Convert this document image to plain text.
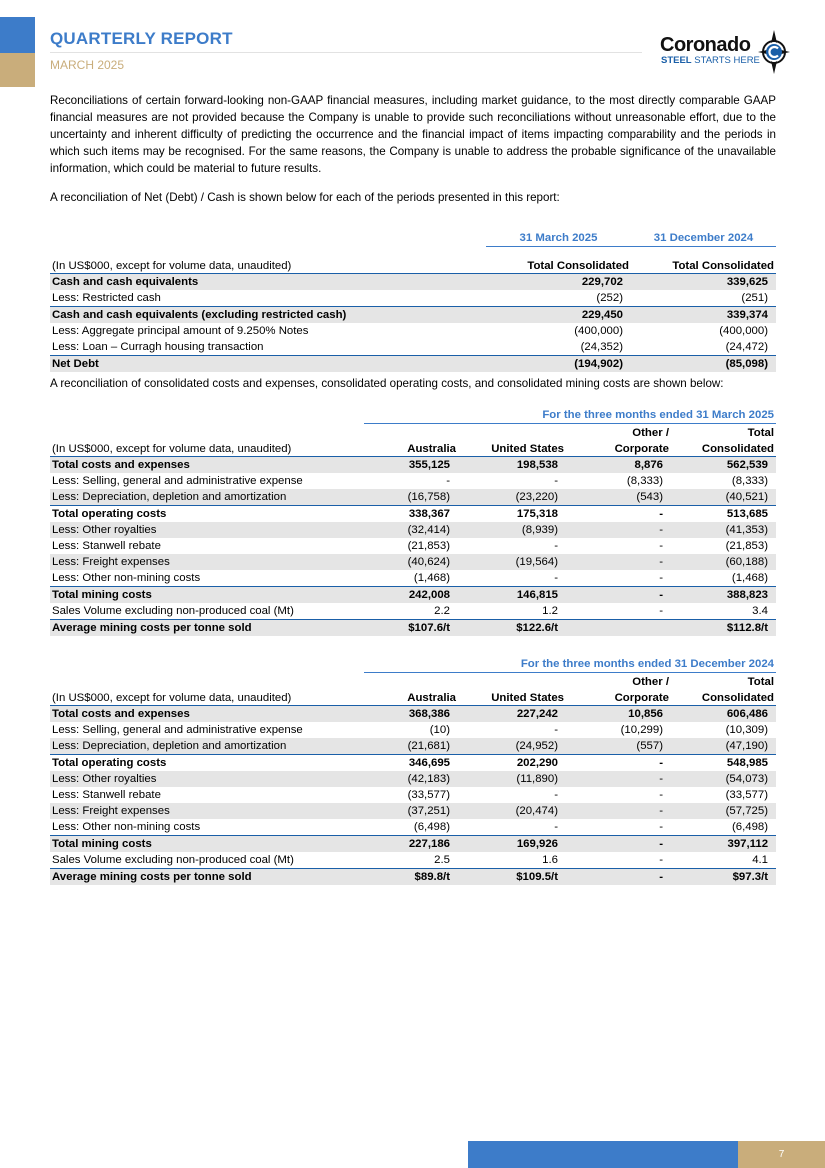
QUARTERLY REPORT
MARCH 2025
Coronado
STEEL STARTS HERE
Reconciliations of certain forward-looking non-GAAP financial measures, including market guidance, to the most directly comparable GAAP financial measures are not provided because the Company is unable to provide such reconciliations without unreasonable effort, due to the uncertainty and inherent difficulty of predicting the occurrence and the financial impact of items impacting comparability and the periods in which such items may be recognised. For the same reasons, the Company is unable to address the probable significance of the unavailable information, which could be material to future results.
A reconciliation of Net (Debt) / Cash is shown below for each of the periods presented in this report:
	31 March 2025	31 December 2024

(In US$000, except for volume data, unaudited)	Total Consolidated	Total Consolidated
Cash and cash equivalents	229,702	339,625
Less: Restricted cash	(252)	(251)
Cash and cash equivalents (excluding restricted cash)	229,450	339,374
Less: Aggregate principal amount of 9.250% Notes	(400,000)	(400,000)
Less: Loan – Curragh housing transaction	(24,352)	(24,472)
Net Debt	(194,902)	(85,098)
A reconciliation of consolidated costs and expenses, consolidated operating costs, and consolidated mining costs are shown below:
	For the three months ended 31 March 2025			
			Other /	Total
(In US$000, except for volume data, unaudited)	Australia	United States	Corporate	Consolidated
Total costs and expenses	355,125	198,538	8,876	562,539
Less: Selling, general and administrative expense	-	-	(8,333)	(8,333)
Less: Depreciation, depletion and amortization	(16,758)	(23,220)	(543)	(40,521)
Total operating costs	338,367	175,318	-	513,685
Less: Other royalties	(32,414)	(8,939)	-	(41,353)
Less: Stanwell rebate	(21,853)	-	-	(21,853)
Less: Freight expenses	(40,624)	(19,564)	-	(60,188)
Less: Other non-mining costs	(1,468)	-	-	(1,468)
Total mining costs	242,008	146,815	-	388,823
Sales Volume excluding non-produced coal (Mt)	2.2	1.2	-	3.4
Average mining costs per tonne sold	$107.6/t	$122.6/t		$112.8/t
	For the three months ended 31 December 2024			
			Other /	Total
(In US$000, except for volume data, unaudited)	Australia	United States	Corporate	Consolidated
Total costs and expenses	368,386	227,242	10,856	606,486
Less: Selling, general and administrative expense	(10)	-	(10,299)	(10,309)
Less: Depreciation, depletion and amortization	(21,681)	(24,952)	(557)	(47,190)
Total operating costs	346,695	202,290	-	548,985
Less: Other royalties	(42,183)	(11,890)	-	(54,073)
Less: Stanwell rebate	(33,577)	-	-	(33,577)
Less: Freight expenses	(37,251)	(20,474)	-	(57,725)
Less: Other non-mining costs	(6,498)	-	-	(6,498)
Total mining costs	227,186	169,926	-	397,112
Sales Volume excluding non-produced coal (Mt)	2.5	1.6	-	4.1
Average mining costs per tonne sold	$89.8/t	$109.5/t	-	$97.3/t
7
